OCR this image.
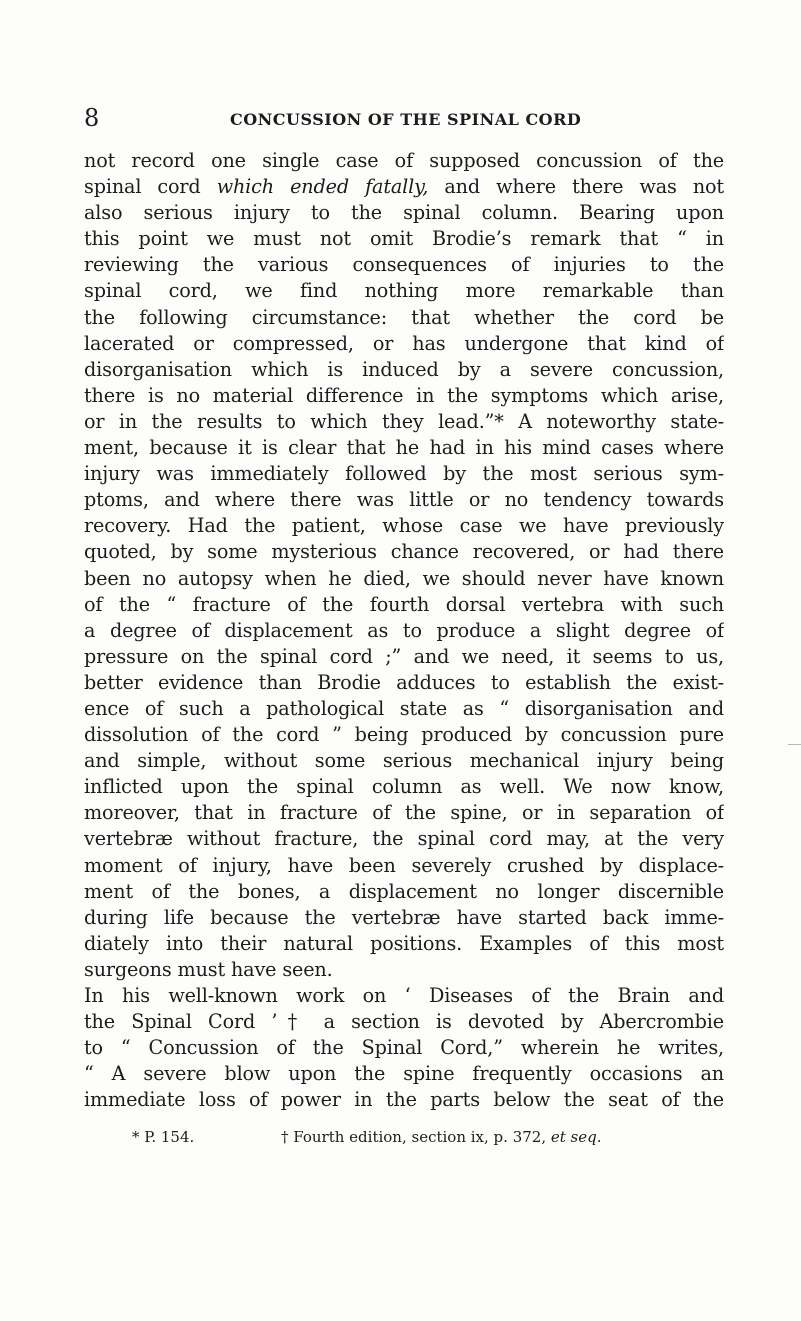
8	CONCUSSION OF THE SPINAL CORD
not record one single case of supposed concussion of the
spinal cord which ended fatally, and where there was not
also serious injury to the spinal column. Bearing upon
this point we must not omit Brodie’s remark that “ in
reviewing the various consequences of injuries to the
spinal cord, we find nothing more remarkable than
the following circumstance: that whether the cord be
lacerated or compressed, or has undergone that kind of
disorganisation which is induced by a severe concussion,
there is no material difference in the symptoms which arise,
or in the results to which they lead.”* A noteworthy state-
ment, because it is clear that he had in his mind cases where
injury was immediately followed by the most serious sym-
ptoms, and where there was little or no tendency towards
recovery. Had the patient, whose case we have previously
quoted, by some mysterious chance recovered, or had there
been no autopsy when he died, we should never have known
of the “ fracture of the fourth dorsal vertebra with such
a degree of displacement as to produce a slight degree of
pressure on the spinal cord ;” and we need, it seems to us,
better evidence than Brodie adduces to establish the exist-
ence of such a pathological state as “ disorganisation and
dissolution of the cord ” being produced by concussion pure
and simple, without some serious mechanical injury being
inflicted upon the spinal column as well. We now know,
moreover, that in fracture of the spine, or in separation of
vertebræ without fracture, the spinal cord may, at the very
moment of injury, have been severely crushed by displace-
ment of the bones, a displacement no longer discernible
during life because the vertebræ have started back imme-
diately into their natural positions. Examples of this most
surgeons must have seen.
In his well-known work on ‘ Diseases of the Brain and
the Spinal Cord ’† a section is devoted by Abercrombie
to “ Concussion of the Spinal Cord,” wherein he writes,
“ A severe blow upon the spine frequently occasions an
immediate loss of power in the parts below the seat of the
* P. 154.	† Fourth edition, section ix, p. 372, et seq.
